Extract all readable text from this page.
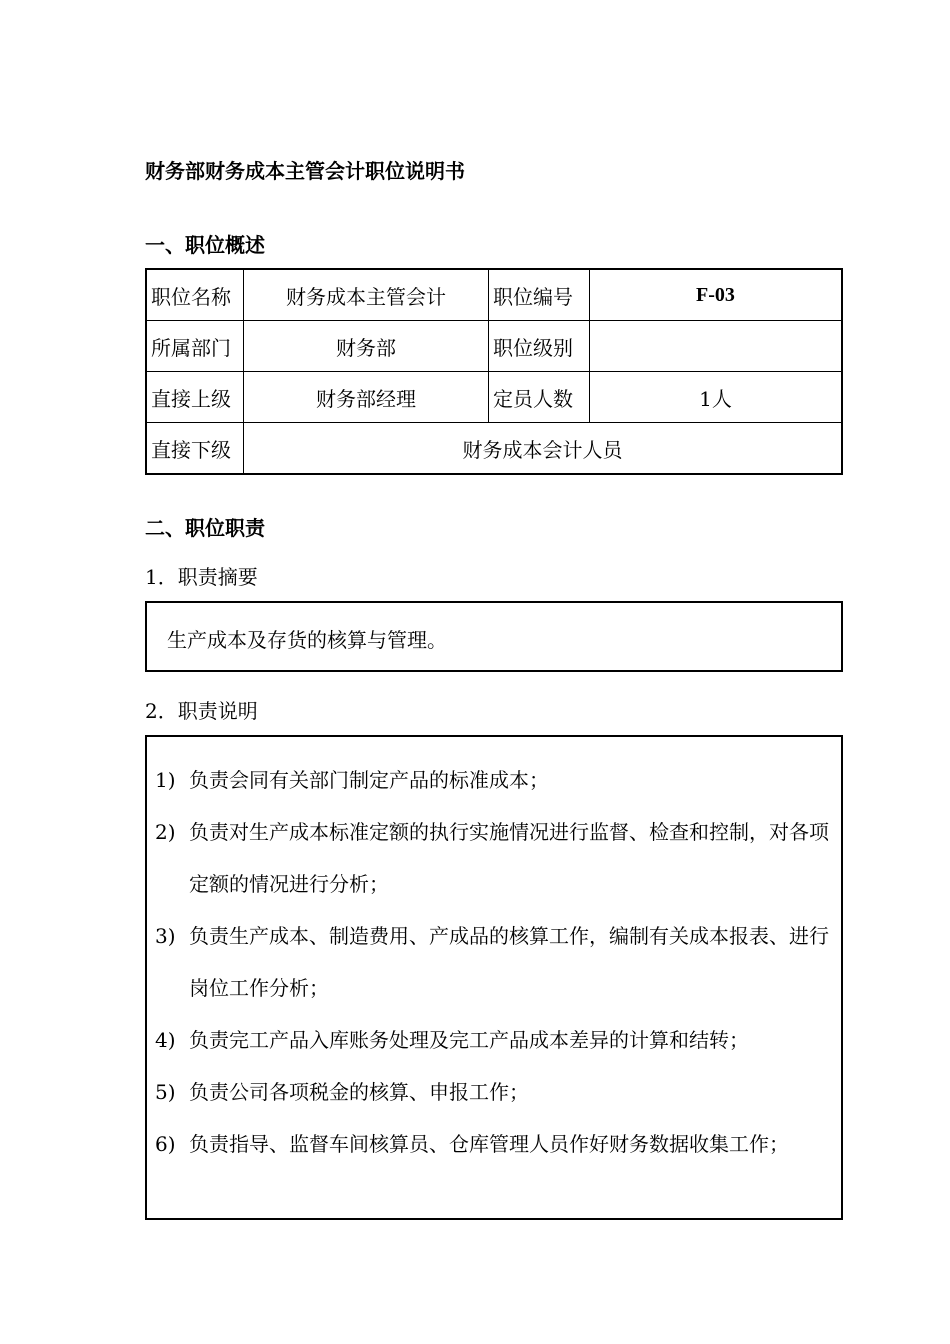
财务部财务成本主管会计职位说明书
一、职位概述
职位名称	财务成本主管会计	职位编号	F-03
所属部门	财务部	职位级别	
直接上级	财务部经理	定员人数	1人
直接下级	财务成本会计人员		
二、职位职责
1．职责摘要
生产成本及存货的核算与管理。
2．职责说明
1) 负责会同有关部门制定产品的标准成本；
2) 负责对生产成本标准定额的执行实施情况进行监督、检查和控制，对各项定额的情况进行分析；
3) 负责生产成本、制造费用、产成品的核算工作，编制有关成本报表、进行岗位工作分析；
4) 负责完工产品入库账务处理及完工产品成本差异的计算和结转；
5) 负责公司各项税金的核算、申报工作；
6) 负责指导、监督车间核算员、仓库管理人员作好财务数据收集工作；
